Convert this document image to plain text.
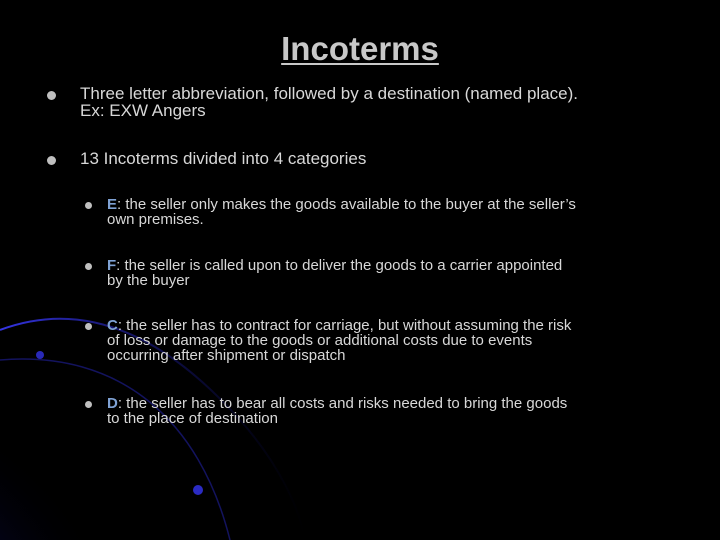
Incoterms
Three letter abbreviation, followed by a destination (named place).
Ex: EXW Angers
13 Incoterms divided into 4 categories
E: the seller only makes the goods available to the buyer at the seller’s
own premises.
F: the seller is called upon to deliver the goods to a carrier appointed
by the buyer
C: the seller has to contract for carriage, but without assuming the risk
of loss or damage to the goods or additional costs due to events
occurring after shipment or dispatch
D: the seller has to bear all costs and risks needed to bring the goods
to the place of destination
